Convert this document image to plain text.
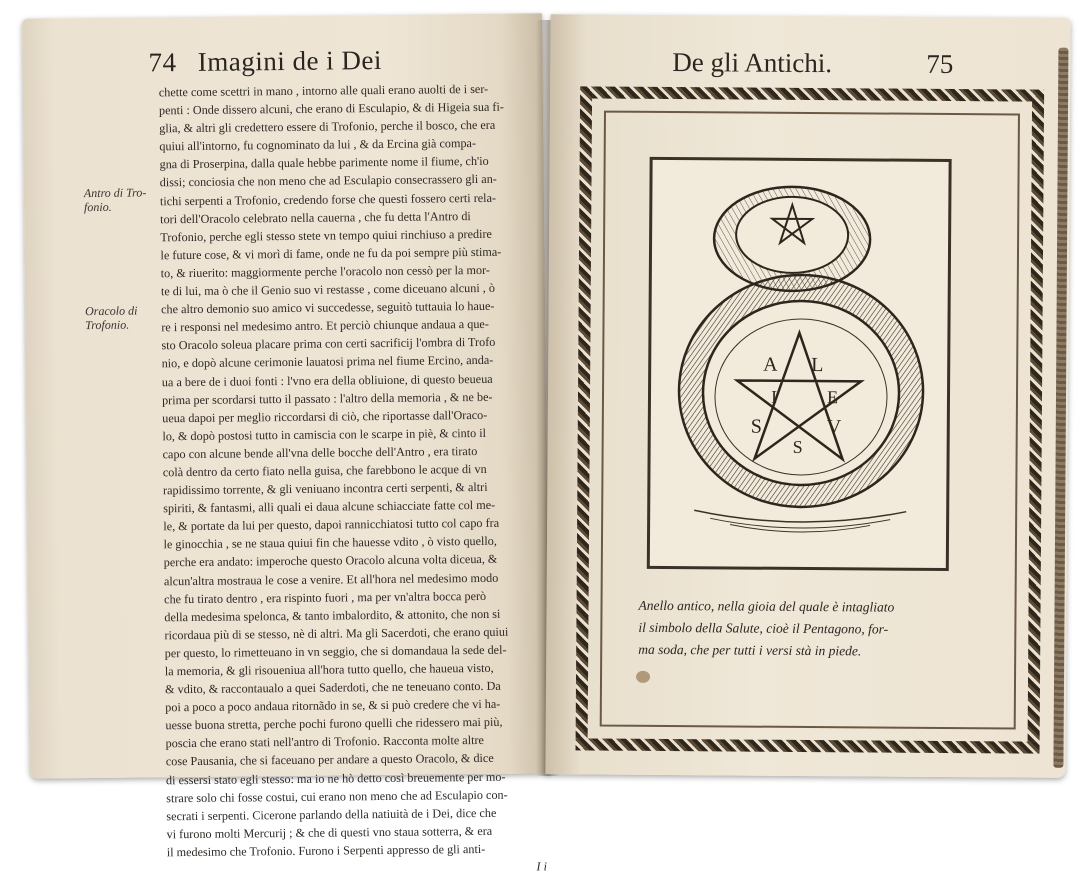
74 Imagini de i Dei
Antro di Tro-fonio.
Oracolo di Trofonio.
chette come scettri in mano , intorno alle quali erano auolti de i ser-
penti : Onde dissero alcuni, che erano di Esculapio, & di Higeia sua fi-
glia, & altri gli credettero essere di Trofonio, perche il bosco, che era
quiui all'intorno, fu cognominato da lui , & da Ercina già compa-
gna di Proserpina, dalla quale hebbe parimente nome il fiume, ch'io
dissi; conciosia che non meno che ad Esculapio consecrassero gli an-
tichi serpenti a Trofonio, credendo forse che questi fossero certi rela-
tori dell'Oracolo celebrato nella cauerna , che fu detta l'Antro di
Trofonio, perche egli stesso stete vn tempo quiui rinchiuso a predire
le future cose, & vi morì di fame, onde ne fu da poi sempre più stima-
to, & riuerito: maggiormente perche l'oracolo non cessò per la mor-
te di lui, ma ò che il Genio suo vi restasse , come diceuano alcuni , ò
che altro demonio suo amico vi succedesse, seguitò tuttauia lo haue-
re i responsi nel medesimo antro. Et perciò chiunque andaua a que-
sto Oracolo soleua placare prima con certi sacrificij l'ombra di Trofo
nio, e dopò alcune cerimonie lauatosi prima nel fiume Ercino, anda-
ua a bere de i duoi fonti : l'vno era della obliuione, di questo beueua
prima per scordarsi tutto il passato : l'altro della memoria , & ne be-
ueua dapoi per meglio riccordarsi di ciò, che riportasse dall'Oraco-
lo, & dopò postosi tutto in camiscia con le scarpe in piè, & cinto il
capo con alcune bende all'vna delle bocche dell'Antro , era tirato
colà dentro da certo fiato nella guisa, che farebbono le acque di vn
rapidissimo torrente, & gli veniuano incontra certi serpenti, & altri
spiriti, & fantasmi, alli quali ei daua alcune schiacciate fatte col me-
le, & portate da lui per questo, dapoi rannicchiatosi tutto col capo fra
le ginocchia , se ne staua quiui fin che hauesse vdito , ò visto quello,
perche era andato: imperoche questo Oracolo alcuna volta diceua, &
alcun'altra mostraua le cose a venire. Et all'hora nel medesimo modo
che fu tirato dentro , era rispinto fuori , ma per vn'altra bocca però
della medesima spelonca, & tanto imbalordito, & attonito, che non si
ricordaua più di se stesso, nè di altri. Ma gli Sacerdoti, che erano quiui
per questo, lo rimetteuano in vn seggio, che si domandaua la sede del-
la memoria, & gli risoueniua all'hora tutto quello, che haueua visto,
& vdito, & raccontaualo a quei Saderdoti, che ne teneuano conto. Da
poi a poco a poco andaua ritornãdo in se, & si può credere che vi ha-
uesse buona stretta, perche pochi furono quelli che ridessero mai più,
posciа che erano stati nell'antro di Trofonio. Racconta molte altre
cose Pausania, che si faceuano per andare a questo Oracolo, & dice
di essersi stato egli stesso: ma io ne hò detto così breuemente per mo-
strare solo chi fosse costui, cui erano non meno che ad Esculapio con-
secrati i serpenti. Cicerone parlando della natiuità de i Dei, dice che
vi furono molti Mercurij ; & che di questi vno staua sotterra, & era
il medesimo che Trofonio. Furono i Serpenti appresso de gli anti-
I i
De gli Antichi.	75
A L
E
V
S
S
I
Anello antico, nella gioia del quale è intagliato
il simbolo della Salute, cioè il Pentagono, for-
ma soda, che per tutti i versi stà in piede.
